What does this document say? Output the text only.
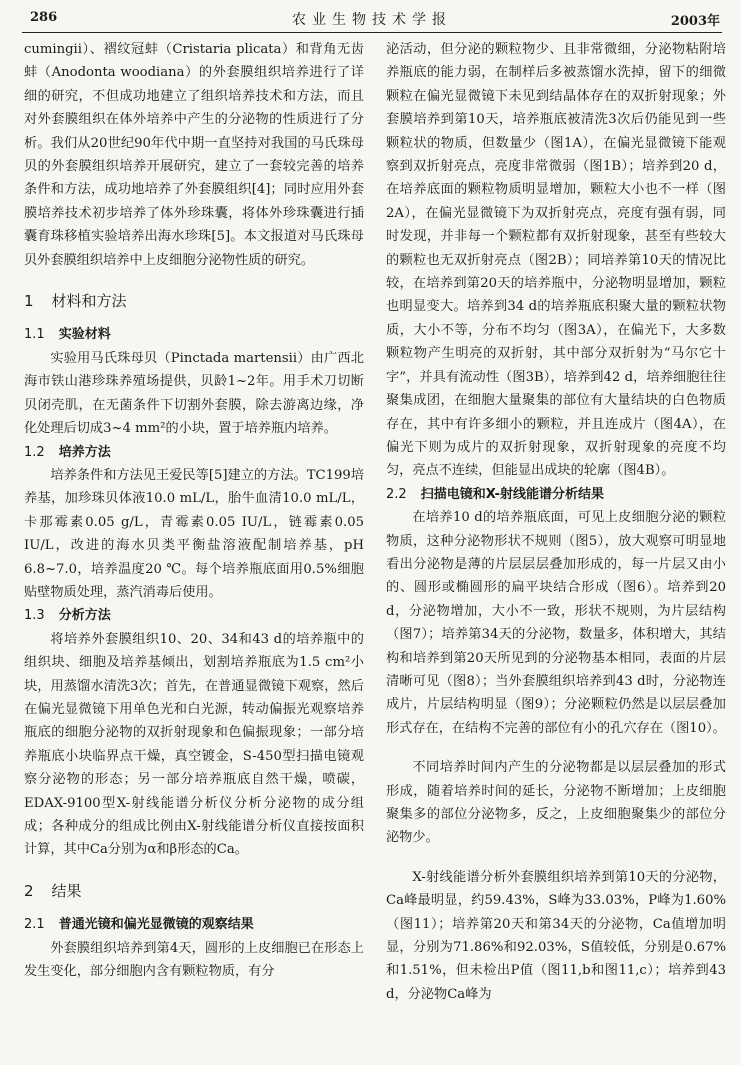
286	农业生物技术学报	2003年

cumingii）、褶纹冠蚌（Cristaria plicata）和背角无齿蚌（Anodonta woodiana）的外套膜组织培养进行了详细的研究，不但成功地建立了组织培养技术和方法，而且对外套膜组织在体外培养中产生的分泌物的性质进行了分析。我们从20世纪90年代中期一直坚持对我国的马氏珠母贝的外套膜组织培养开展研究，建立了一套较完善的培养条件和方法，成功地培养了外套膜组织[4]；同时应用外套膜培养技术初步培养了体外珍珠囊，将体外珍珠囊进行插囊育珠移植实验培养出海水珍珠[5]。本文报道对马氏珠母贝外套膜组织培养中上皮细胞分泌物性质的研究。

1 材料和方法
1.1 实验材料

实验用马氏珠母贝（Pinctada martensii）由广西北海市铁山港珍珠养殖场提供，贝龄1~2年。用手术刀切断贝闭壳肌，在无菌条件下切割外套膜，除去游离边缘，净化处理后切成3~4 mm²的小块，置于培养瓶内培养。

1.2 培养方法

培养条件和方法见王爱民等[5]建立的方法。TC199培养基，加珍珠贝体液10.0 mL/L，胎牛血清10.0 mL/L，卡那霉素0.05 g/L，青霉素0.05 IU/L，链霉素0.05 IU/L，改进的海水贝类平衡盐溶液配制培养基，pH 6.8~7.0，培养温度20 ℃。每个培养瓶底面用0.5%细胞贴壁物质处理，蒸汽消毒后使用。

1.3 分析方法

将培养外套膜组织10、20、34和43 d的培养瓶中的组织块、细胞及培养基倾出，划割培养瓶底为1.5 cm²小块，用蒸馏水清洗3次；首先，在普通显微镜下观察，然后在偏光显微镜下用单色光和白光源，转动偏振光观察培养瓶底的细胞分泌物的双折射现象和色偏振现象；一部分培养瓶底小块临界点干燥，真空镀金，S-450型扫描电镜观察分泌物的形态；另一部分培养瓶底自然干燥，喷碳，EDAX-9100型X-射线能谱分析仪分析分泌物的成分组成；各种成分的组成比例由X-射线能谱分析仪直接按面积计算，其中Ca分别为α和β形态的Ca。

2 结果
2.1 普通光镜和偏光显微镜的观察结果

外套膜组织培养到第4天，圆形的上皮细胞已在形态上发生变化，部分细胞内含有颗粒物质，有分

泌活动，但分泌的颗粒物少、且非常微细，分泌物粘附培养瓶底的能力弱，在制样后多被蒸馏水洗掉，留下的细微颗粒在偏光显微镜下未见到结晶体存在的双折射现象；外套膜培养到第10天，培养瓶底被清洗3次后仍能见到一些颗粒状的物质，但数量少（图1A），在偏光显微镜下能观察到双折射亮点，亮度非常微弱（图1B）；培养到20 d，在培养底面的颗粒物质明显增加，颗粒大小也不一样（图2A），在偏光显微镜下为双折射亮点，亮度有强有弱，同时发现，并非每一个颗粒都有双折射现象，甚至有些较大的颗粒也无双折射亮点（图2B）；同培养第10天的情况比较，在培养到第20天的培养瓶中，分泌物明显增加，颗粒也明显变大。培养到34 d的培养瓶底积聚大量的颗粒状物质，大小不等，分布不均匀（图3A），在偏光下，大多数颗粒物产生明亮的双折射，其中部分双折射为“马尔它十字”，并具有流动性（图3B），培养到42 d，培养细胞往往聚集成团，在细胞大量聚集的部位有大量结块的白色物质存在，其中有许多细小的颗粒，并且连成片（图4A），在偏光下则为成片的双折射现象，双折射现象的亮度不均匀，亮点不连续，但能显出成块的轮廓（图4B）。

2.2 扫描电镜和X-射线能谱分析结果

在培养10 d的培养瓶底面，可见上皮细胞分泌的颗粒物质，这种分泌物形状不规则（图5），放大观察可明显地看出分泌物是薄的片层层层叠加形成的，每一片层又由小的、圆形或椭圆形的扁平块结合形成（图6）。培养到20 d，分泌物增加，大小不一致，形状不规则，为片层结构（图7）；培养第34天的分泌物，数量多，体积增大，其结构和培养到第20天所见到的分泌物基本相同，表面的片层清晰可见（图8）；当外套膜组织培养到43 d时，分泌物连成片，片层结构明显（图9）；分泌颗粒仍然是以层层叠加形式存在，在结构不完善的部位有小的孔穴存在（图10）。

不同培养时间内产生的分泌物都是以层层叠加的形式形成，随着培养时间的延长，分泌物不断增加；上皮细胞聚集多的部位分泌物多，反之，上皮细胞聚集少的部位分泌物少。

X-射线能谱分析外套膜组织培养到第10天的分泌物，Ca峰最明显，约59.43%，S峰为33.03%，P峰为1.60%（图11）；培养第20天和第34天的分泌物，Ca值增加明显，分别为71.86%和92.03%，S值较低，分别是0.67%和1.51%，但未检出P值（图11,b和图11,c）；培养到43 d，分泌物Ca峰为
